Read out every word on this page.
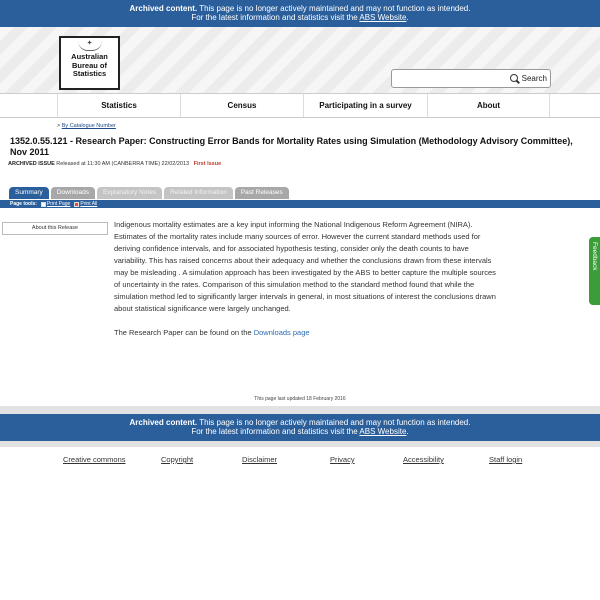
Archived content. This page is no longer actively maintained and may not function as intended.
For the latest information and statistics visit the ABS Website.
✦
Australian
Bureau of
Statistics
Search
Statistics	Census	Participating in a survey	About
> By Catalogue Number
1352.0.55.121 - Research Paper: Constructing Error Bands for Mortality Rates using Simulation (Methodology Advisory Committee), Nov 2011
ARCHIVED ISSUE Released at 11:30 AM (CANBERRA TIME) 22/02/2013 First Issue
Summary	Downloads	Explanatory Notes	Related Information	Past Releases
Page tools: Print Page Print All
About this Release	Indigenous mortality estimates are a key input informing the National Indigenous Reform Agreement (NIRA). Estimates of the mortality rates include many sources of error. However the current standard methods used for deriving confidence intervals, and for associated hypothesis testing, consider only the death counts to have variability. This has raised concerns about their adequacy and whether the conclusions drawn from these intervals may be misleading . A simulation approach has been investigated by the ABS to better capture the multiple sources of uncertainty in the rates. Comparison of this simulation method to the standard method found that while the simulation method led to significantly larger intervals in general, in most situations of interest the conclusions drawn about statistical significance were largely unchanged.

The Research Paper can be found on the Downloads page

Feedback
This page last updated 18 February 2016
Archived content. This page is no longer actively maintained and may not function as intended.
For the latest information and statistics visit the ABS Website.
Creative commons	Copyright	Disclaimer	Privacy	Accessibility	Staff login
